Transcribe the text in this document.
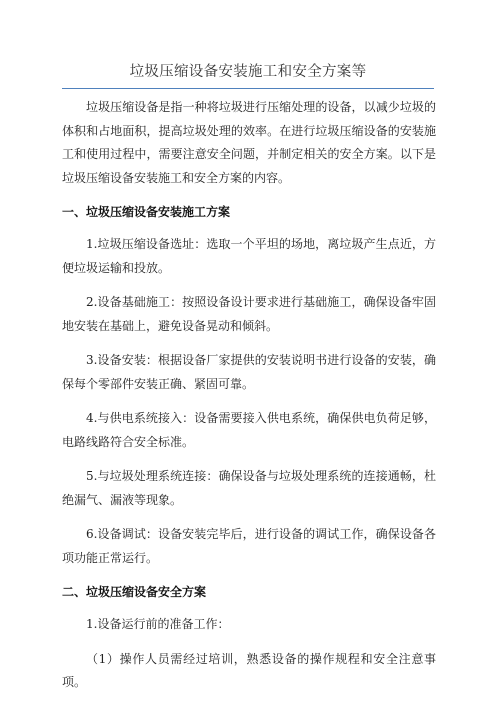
垃圾压缩设备安装施工和安全方案等

垃圾压缩设备是指一种将垃圾进行压缩处理的设备，以减少垃圾的体积和占地面积，提高垃圾处理的效率。在进行垃圾压缩设备的安装施工和使用过程中，需要注意安全问题，并制定相关的安全方案。以下是垃圾压缩设备安装施工和安全方案的内容。

一、垃圾压缩设备安装施工方案
1.垃圾压缩设备选址：选取一个平坦的场地，离垃圾产生点近，方便垃圾运输和投放。
2.设备基础施工：按照设备设计要求进行基础施工，确保设备牢固地安装在基础上，避免设备晃动和倾斜。
3.设备安装：根据设备厂家提供的安装说明书进行设备的安装，确保每个零部件安装正确、紧固可靠。
4.与供电系统接入：设备需要接入供电系统，确保供电负荷足够，电路线路符合安全标准。
5.与垃圾处理系统连接：确保设备与垃圾处理系统的连接通畅，杜绝漏气、漏液等现象。
6.设备调试：设备安装完毕后，进行设备的调试工作，确保设备各项功能正常运行。
二、垃圾压缩设备安全方案
1.设备运行前的准备工作：
（1）操作人员需经过培训，熟悉设备的操作规程和安全注意事项。
